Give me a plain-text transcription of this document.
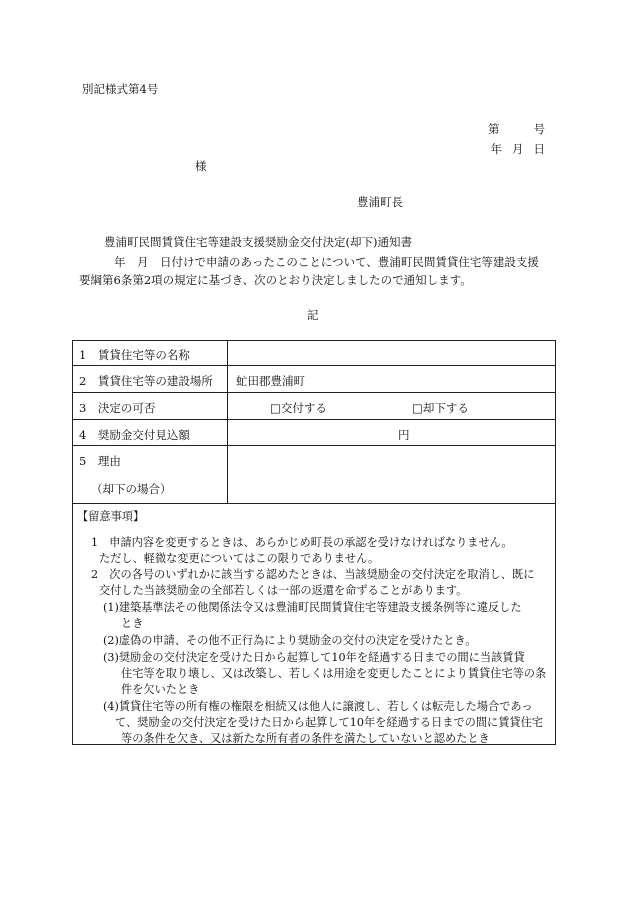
別記様式第4号
第	号
年 月 日
様
豊浦町長
豊浦町民間賃貸住宅等建設支援奨励金交付決定(却下)通知書
年　月　日付けで申請のあったこのことについて、豊浦町民間賃貸住宅等建設支援
要綱第6条第2項の規定に基づき、次のとおり決定しましたので通知します。
記
1　賃貸住宅等の名称
2　賃貸住宅等の建設場所 虻田郡豊浦町
3　決定の可否	□交付する	□却下する
4　奨励金交付見込額	円
5　理由
（却下の場合）
【留意事項】
1　申請内容を変更するときは、あらかじめ町長の承認を受けなければなりません。
ただし、軽微な変更についてはこの限りでありません。
2　次の各号のいずれかに該当する認めたときは、当該奨励金の交付決定を取消し、既に
交付した当該奨励金の全部若しくは一部の返還を命ずることがあります。
(1)建築基準法その他関係法令又は豊浦町民間賃貸住宅等建設支援条例等に違反した
とき
(2)虚偽の申請、その他不正行為により奨励金の交付の決定を受けたとき。
(3)奨励金の交付決定を受けた日から起算して10年を経過する日までの間に当該賃貸
住宅等を取り壊し、又は改築し、若しくは用途を変更したことにより賃貸住宅等の条
件を欠いたとき
(4)賃貸住宅等の所有権の権限を相続又は他人に譲渡し、若しくは転売した場合であっ
て、奨励金の交付決定を受けた日から起算して10年を経過する日までの間に賃貸住宅
等の条件を欠き、又は新たな所有者の条件を満たしていないと認めたとき
